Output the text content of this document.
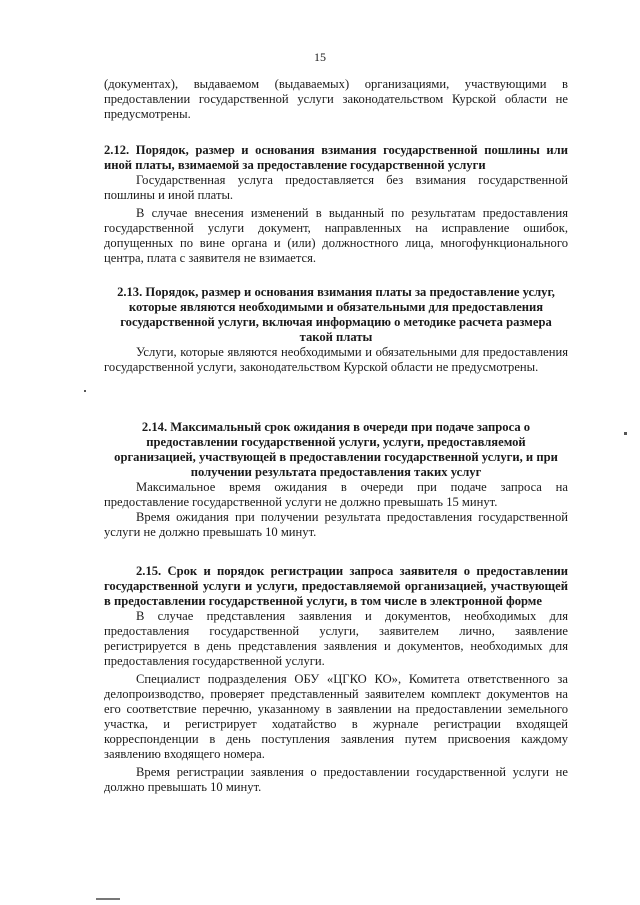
15

(документах), выдаваемом (выдаваемых) организациями, участвующими в предоставлении государственной услуги законодательством Курской области не предусмотрены.

2.12. Порядок, размер и основания взимания государственной пошлины или иной платы, взимаемой за предоставление государственной услуги

Государственная услуга предоставляется без взимания государственной пошлины и иной платы.

В случае внесения изменений в выданный по результатам предоставления государственной услуги документ, направленных на исправление ошибок, допущенных по вине органа и (или) должностного лица, многофункционального центра, плата с заявителя не взимается.

2.13. Порядок, размер и основания взимания платы за предоставление услуг, которые являются необходимыми и обязательными для предоставления государственной услуги, включая информацию о методике расчета размера такой платы

Услуги, которые являются необходимыми и обязательными для предоставления государственной услуги, законодательством Курской области не предусмотрены.

2.14. Максимальный срок ожидания в очереди при подаче запроса о предоставлении государственной услуги, услуги, предоставляемой организацией, участвующей в предоставлении государственной услуги, и при получении результата предоставления таких услуг

Максимальное время ожидания в очереди при подаче запроса на предоставление государственной услуги не должно превышать 15 минут.

Время ожидания при получении результата предоставления государственной услуги не должно превышать 10 минут.

2.15. Срок и порядок регистрации запроса заявителя о предоставлении государственной услуги и услуги, предоставляемой организацией, участвующей в предоставлении государственной услуги, в том числе в электронной форме

В случае представления заявления и документов, необходимых для предоставления государственной услуги, заявителем лично, заявление регистрируется в день представления заявления и документов, необходимых для предоставления государственной услуги.

Специалист подразделения ОБУ «ЦГКО КО», Комитета ответственного за делопроизводство, проверяет представленный заявителем комплект документов на его соответствие перечню, указанному в заявлении на предоставлении земельного участка, и регистрирует ходатайство в журнале регистрации входящей корреспонденции в день поступления заявления путем присвоения каждому заявлению входящего номера.

Время регистрации заявления о предоставлении государственной услуги не должно превышать 10 минут.
